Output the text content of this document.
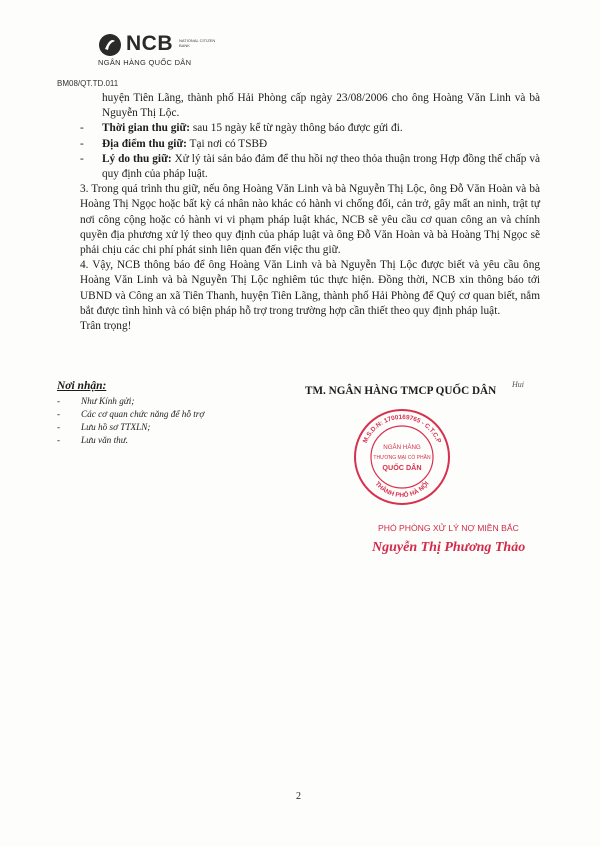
NCB NATIONAL CITIZEN BANK
NGÂN HÀNG QUỐC DÂN
BM08/QT.TD.011

huyện Tiên Lãng, thành phố Hải Phòng cấp ngày 23/08/2006 cho ông Hoàng Văn Linh và bà Nguyễn Thị Lộc.

-	Thời gian thu giữ: sau 15 ngày kể từ ngày thông báo được gửi đi.
-	Địa điểm thu giữ: Tại nơi có TSBĐ
-	Lý do thu giữ: Xử lý tài sản bảo đảm để thu hồi nợ theo thỏa thuận trong Hợp đồng thế chấp và quy định của pháp luật.

3. Trong quá trình thu giữ, nếu ông Hoàng Văn Linh và bà Nguyễn Thị Lộc, ông Đỗ Văn Hoàn và bà Hoàng Thị Ngọc hoặc bất kỳ cá nhân nào khác có hành vi chống đối, cản trở, gây mất an ninh, trật tự nơi công cộng hoặc có hành vi vi phạm pháp luật khác, NCB sẽ yêu cầu cơ quan công an và chính quyền địa phương xử lý theo quy định của pháp luật và ông Đỗ Văn Hoàn và bà Hoàng Thị Ngọc sẽ phải chịu các chi phí phát sinh liên quan đến việc thu giữ.

4. Vậy, NCB thông báo để ông Hoàng Văn Linh và bà Nguyễn Thị Lộc được biết và yêu cầu ông Hoàng Văn Linh và bà Nguyễn Thị Lộc nghiêm túc thực hiện. Đồng thời, NCB xin thông báo tới UBND và Công an xã Tiên Thanh, huyện Tiên Lãng, thành phố Hải Phòng để Quý cơ quan biết, nắm bắt được tình hình và có biện pháp hỗ trợ trong trường hợp cần thiết theo quy định pháp luật.

Trân trọng!

Nơi nhận:
-	Như Kính gửi;
-	Các cơ quan chức năng để hỗ trợ
-	Lưu hồ sơ TTXLN;
-	Lưu văn thư.
TM. NGÂN HÀNG TMCP QUỐC DÂN
Hui
M.S.D.N: 1700169765 - C.T.C.P
THÀNH PHỐ HÀ NỘI
NGÂN HÀNG
THƯƠNG MẠI CỔ PHẦN
QUỐC DÂN
PHÓ PHÒNG XỬ LÝ NỢ MIỀN BẮC
Nguyễn Thị Phương Thảo
2
